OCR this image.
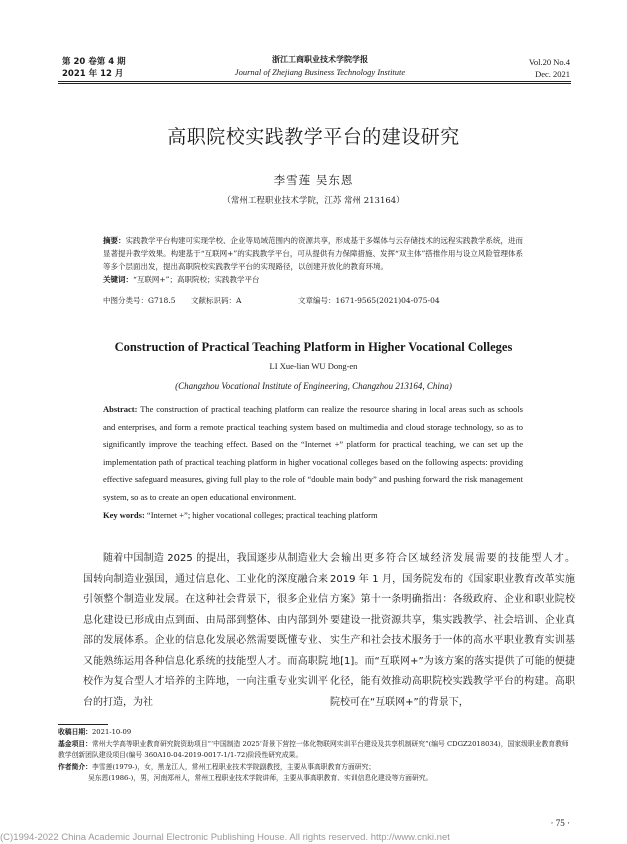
第 20 卷第 4 期
2021 年 12 月
浙江工商职业技术学院学报
Journal of Zhejiang Business Technology Institute
Vol.20 No.4
Dec. 2021
高职院校实践教学平台的建设研究
李雪莲 吴东恩
（常州工程职业技术学院，江苏 常州 213164）
摘要：实践教学平台构建可实现学校、企业等局域范围内的资源共享，形成基于多媒体与云存储技术的远程实践教学系统，进而显著提升教学效果。构建基于“互联网+”的实践教学平台，可从提供有力保障措施、发挥“双主体”搭推作用与设立风险管理体系等多个层面出发，提出高职院校实践教学平台的实现路径，以创建开放化的教育环境。
关键词：“互联网+”；高职院校；实践教学平台
中图分类号：G718.5 文献标识码：A	文章编号：1671-9565(2021)04-075-04
Construction of Practical Teaching Platform in Higher Vocational Colleges
LI Xue-lian WU Dong-en
(Changzhou Vocational Institute of Engineering, Changzhou 213164, China)
Abstract: The construction of practical teaching platform can realize the resource sharing in local areas such as schools and enterprises, and form a remote practical teaching system based on multimedia and cloud storage technology, so as to significantly improve the teaching effect. Based on the “Internet +” platform for practical teaching, we can set up the implementation path of practical teaching platform in higher vocational colleges based on the following aspects: providing effective safeguard measures, giving full play to the role of “double main body” and pushing forward the risk management system, so as to create an open educational environment.
Key words: “Internet +”; higher vocational colleges; practical teaching platform
随着中国制造 2025 的提出，我国逐步从制造业大国转向制造业强国，通过信息化、工业化的深度融合来引领整个制造业发展。在这种社会背景下，很多企业信息化建设已形成由点到面、由局部到整体、由内部到外部的发展体系。企业的信息化发展必然需要既懂专业、又能熟练运用各种信息化系统的技能型人才。而高职院校作为复合型人才培养的主阵地，一向注重专业实训平台的打造，为社
会输出更多符合区域经济发展需要的技能型人才。2019 年 1 月，国务院发布的《国家职业教育改革实施方案》第十一条明确指出：各级政府、企业和职业院校要建设一批资源共享，集实践教学、社会培训、企业真实生产和社会技术服务于一体的高水平职业教育实训基地[1]。而“互联网+”为该方案的落实提供了可能的便捷化径，能有效推动高职院校实践教学平台的构建。高职院校可在“互联网+”的背景下，
收稿日期：2021-10-09
基金项目：常州大学高等职业教育研究院资助项目“‘中国制造 2025’背景下营控一体化物联网实训平台建设及共享机制研究”(编号 CDGZ2018034)，国家级职业教育教师教学创新团队建设项目(编号 360A10-04-2019-0017-1/1-72)阶段性研究成果。
作者简介：李雪莲(1979-)，女，黑龙江人，常州工程职业技术学院副教授，主要从事高职教育方面研究；
吴东恩(1986-)，男，河南郑州人，常州工程职业技术学院讲师，主要从事高职教育、实训信息化建设等方面研究。
· 75 ·
(C)1994-2022 China Academic Journal Electronic Publishing House. All rights reserved. http://www.cnki.net
